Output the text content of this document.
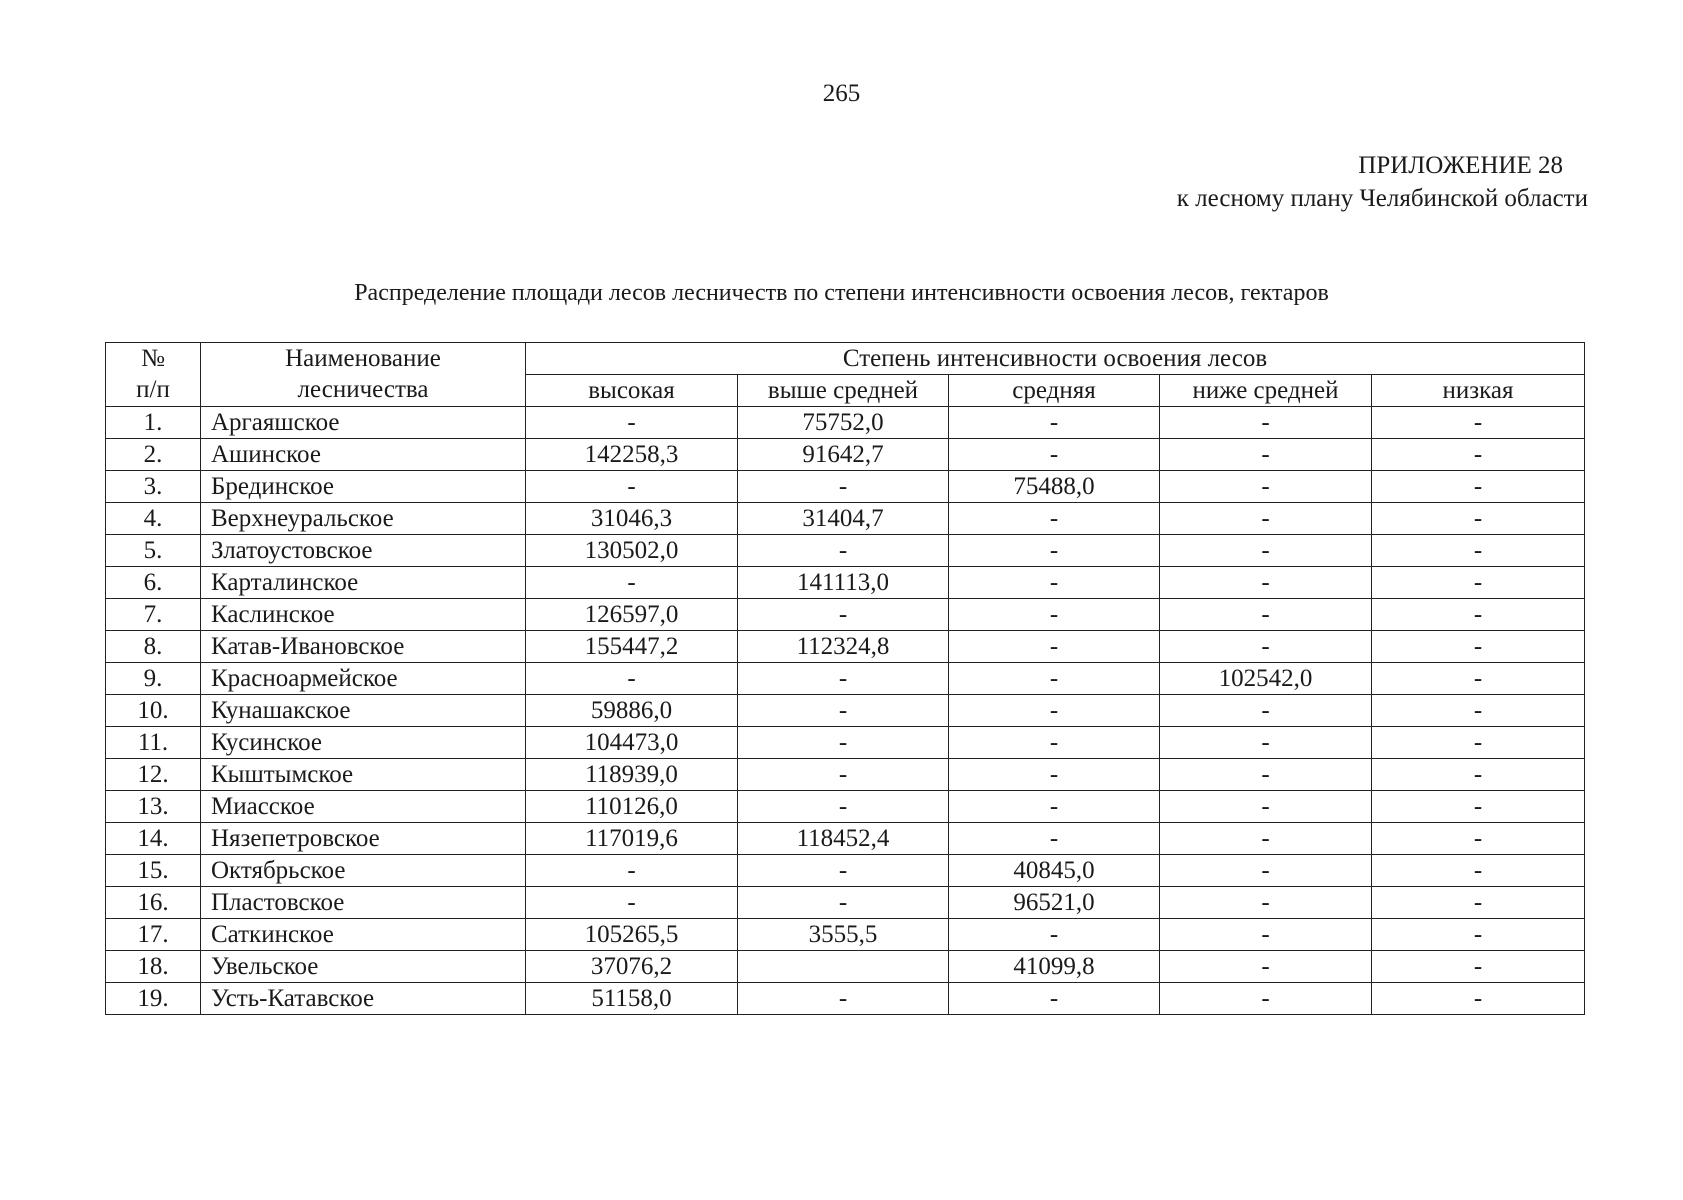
265
ПРИЛОЖЕНИЕ 28
к лесному плану Челябинской области
Распределение площади лесов лесничеств по степени интенсивности освоения лесов, гектаров
№
п/п	Наименование
лесничества	Степень интенсивности освоения лесов				
		высокая	выше средней	средняя	ниже средней	низкая
1.	Аргаяшское	-	75752,0	-	-	-
2.	Ашинское	142258,3	91642,7	-	-	-
3.	Брединское	-	-	75488,0	-	-
4.	Верхнеуральское	31046,3	31404,7	-	-	-
5.	Златоустовское	130502,0	-	-	-	-
6.	Карталинское	-	141113,0	-	-	-
7.	Каслинское	126597,0	-	-	-	-
8.	Катав-Ивановское	155447,2	112324,8	-	-	-
9.	Красноармейское	-	-	-	102542,0	-
10.	Кунашакское	59886,0	-	-	-	-
11.	Кусинское	104473,0	-	-	-	-
12.	Кыштымское	118939,0	-	-	-	-
13.	Миасское	110126,0	-	-	-	-
14.	Нязепетровское	117019,6	118452,4	-	-	-
15.	Октябрьское	-	-	40845,0	-	-
16.	Пластовское	-	-	96521,0	-	-
17.	Саткинское	105265,5	3555,5	-	-	-
18.	Увельское	37076,2		41099,8	-	-
19.	Усть-Катавское	51158,0	-	-	-	-
